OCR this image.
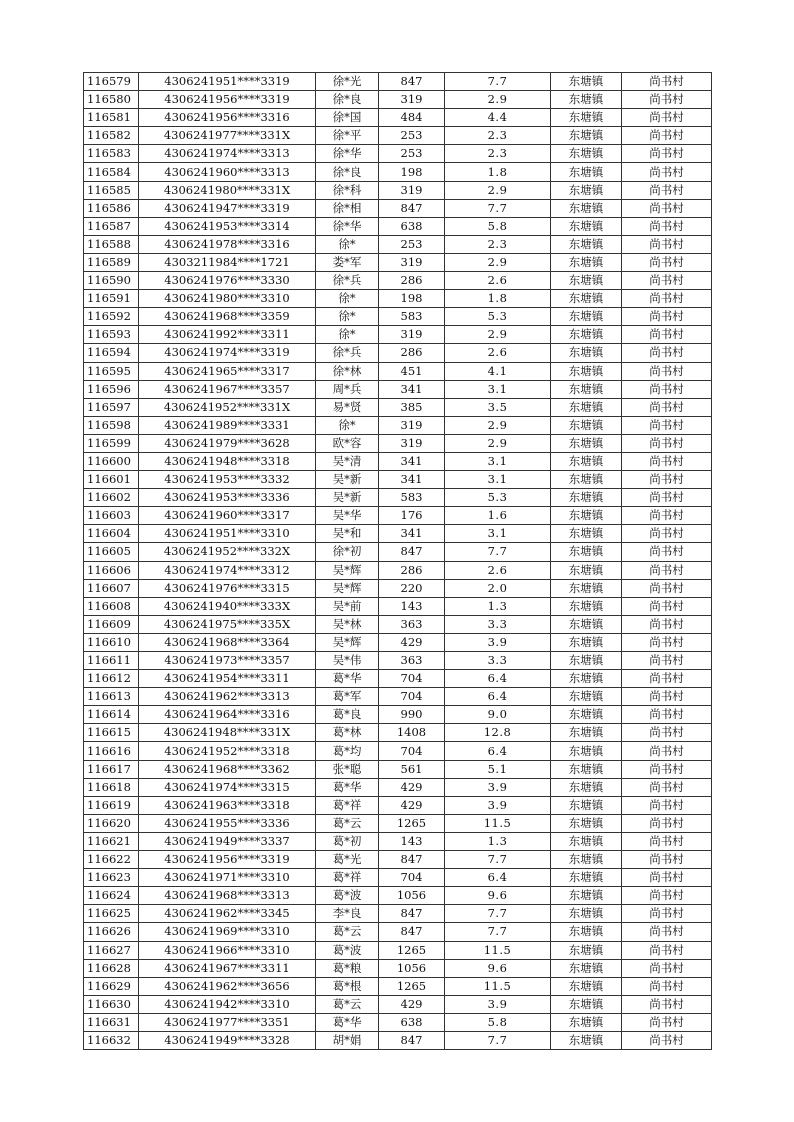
116579	4306241951****3319	徐*光	847	7.7	东塘镇	尚书村
116580	4306241956****3319	徐*良	319	2.9	东塘镇	尚书村
116581	4306241956****3316	徐*国	484	4.4	东塘镇	尚书村
116582	4306241977****331X	徐*平	253	2.3	东塘镇	尚书村
116583	4306241974****3313	徐*华	253	2.3	东塘镇	尚书村
116584	4306241960****3313	徐*良	198	1.8	东塘镇	尚书村
116585	4306241980****331X	徐*科	319	2.9	东塘镇	尚书村
116586	4306241947****3319	徐*相	847	7.7	东塘镇	尚书村
116587	4306241953****3314	徐*华	638	5.8	东塘镇	尚书村
116588	4306241978****3316	徐*	253	2.3	东塘镇	尚书村
116589	4303211984****1721	娄*军	319	2.9	东塘镇	尚书村
116590	4306241976****3330	徐*兵	286	2.6	东塘镇	尚书村
116591	4306241980****3310	徐*	198	1.8	东塘镇	尚书村
116592	4306241968****3359	徐*	583	5.3	东塘镇	尚书村
116593	4306241992****3311	徐*	319	2.9	东塘镇	尚书村
116594	4306241974****3319	徐*兵	286	2.6	东塘镇	尚书村
116595	4306241965****3317	徐*林	451	4.1	东塘镇	尚书村
116596	4306241967****3357	周*兵	341	3.1	东塘镇	尚书村
116597	4306241952****331X	易*贤	385	3.5	东塘镇	尚书村
116598	4306241989****3331	徐*	319	2.9	东塘镇	尚书村
116599	4306241979****3628	欧*容	319	2.9	东塘镇	尚书村
116600	4306241948****3318	吴*清	341	3.1	东塘镇	尚书村
116601	4306241953****3332	吴*新	341	3.1	东塘镇	尚书村
116602	4306241953****3336	吴*新	583	5.3	东塘镇	尚书村
116603	4306241960****3317	吴*华	176	1.6	东塘镇	尚书村
116604	4306241951****3310	吴*和	341	3.1	东塘镇	尚书村
116605	4306241952****332X	徐*初	847	7.7	东塘镇	尚书村
116606	4306241974****3312	吴*辉	286	2.6	东塘镇	尚书村
116607	4306241976****3315	吴*辉	220	2.0	东塘镇	尚书村
116608	4306241940****333X	吴*前	143	1.3	东塘镇	尚书村
116609	4306241975****335X	吴*林	363	3.3	东塘镇	尚书村
116610	4306241968****3364	吴*辉	429	3.9	东塘镇	尚书村
116611	4306241973****3357	吴*伟	363	3.3	东塘镇	尚书村
116612	4306241954****3311	葛*华	704	6.4	东塘镇	尚书村
116613	4306241962****3313	葛*军	704	6.4	东塘镇	尚书村
116614	4306241964****3316	葛*良	990	9.0	东塘镇	尚书村
116615	4306241948****331X	葛*林	1408	12.8	东塘镇	尚书村
116616	4306241952****3318	葛*均	704	6.4	东塘镇	尚书村
116617	4306241968****3362	张*聪	561	5.1	东塘镇	尚书村
116618	4306241974****3315	葛*华	429	3.9	东塘镇	尚书村
116619	4306241963****3318	葛*祥	429	3.9	东塘镇	尚书村
116620	4306241955****3336	葛*云	1265	11.5	东塘镇	尚书村
116621	4306241949****3337	葛*初	143	1.3	东塘镇	尚书村
116622	4306241956****3319	葛*光	847	7.7	东塘镇	尚书村
116623	4306241971****3310	葛*祥	704	6.4	东塘镇	尚书村
116624	4306241968****3313	葛*波	1056	9.6	东塘镇	尚书村
116625	4306241962****3345	李*良	847	7.7	东塘镇	尚书村
116626	4306241969****3310	葛*云	847	7.7	东塘镇	尚书村
116627	4306241966****3310	葛*波	1265	11.5	东塘镇	尚书村
116628	4306241967****3311	葛*粮	1056	9.6	东塘镇	尚书村
116629	4306241962****3656	葛*根	1265	11.5	东塘镇	尚书村
116630	4306241942****3310	葛*云	429	3.9	东塘镇	尚书村
116631	4306241977****3351	葛*华	638	5.8	东塘镇	尚书村
116632	4306241949****3328	胡*娟	847	7.7	东塘镇	尚书村
